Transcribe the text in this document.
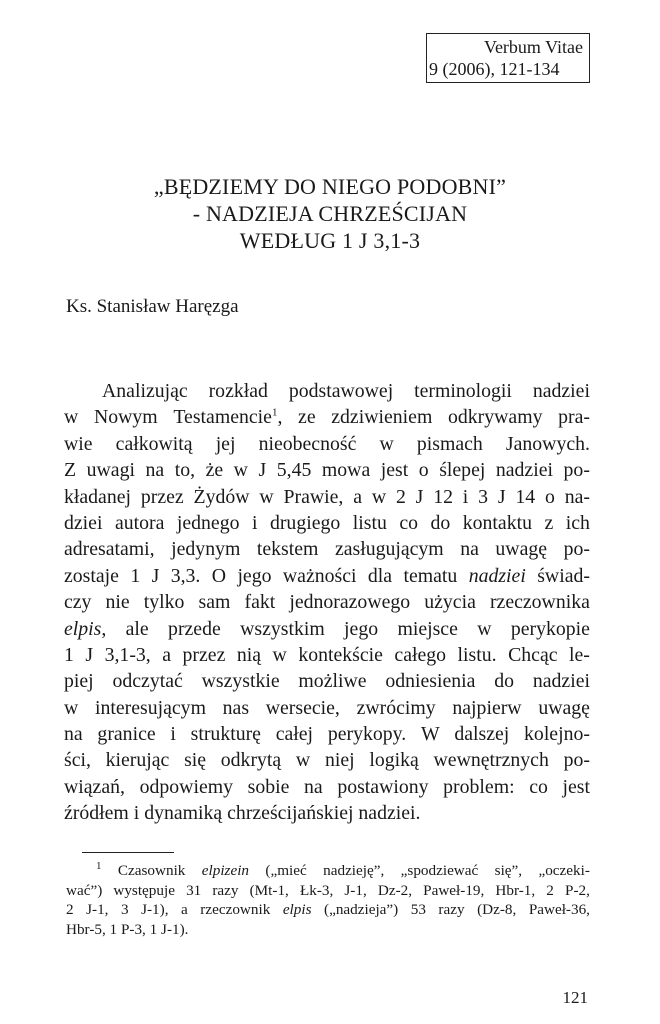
Verbum Vitae
9 (2006), 121-134
„BĘDZIEMY DO NIEGO PODOBNI”
- NADZIEJA CHRZEŚCIJAN
WEDŁUG 1 J 3,1-3
Ks. Stanisław Haręzga
Analizując rozkład podstawowej terminologii nadziei
w Nowym Testamencie$^1$, ze zdziwieniem odkrywamy pra-
wie całkowitą jej nieobecność w pismach Janowych.
Z uwagi na to, że w J 5,45 mowa jest o ślepej nadziei po-
kładanej przez Żydów w Prawie, a w 2 J 12 i 3 J 14 o na-
dziei autora jednego i drugiego listu co do kontaktu z ich
adresatami, jedynym tekstem zasługującym na uwagę po-
zostaje 1 J 3,3. O jego ważności dla tematu nadziei świad-
czy nie tylko sam fakt jednorazowego użycia rzeczownika
elpis, ale przede wszystkim jego miejsce w perykopie
1 J 3,1-3, a przez nią w kontekście całego listu. Chcąc le-
piej odczytać wszystkie możliwe odniesienia do nadziei
w interesującym nas wersecie, zwrócimy najpierw uwagę
na granice i strukturę całej perykopy. W dalszej kolejno-
ści, kierując się odkrytą w niej logiką wewnętrznych po-
wiązań, odpowiemy sobie na postawiony problem: co jest
źródłem i dynamiką chrześcijańskiej nadziei.
$^1$ Czasownik elpizein („mieć nadzieję”, „spodziewać się”, „oczeki-
wać”) występuje 31 razy (Mt-1, Łk-3, J-1, Dz-2, Paweł-19, Hbr-1, 2 P-2,
2 J-1, 3 J-1), a rzeczownik elpis („nadzieja”) 53 razy (Dz-8, Paweł-36,
Hbr-5, 1 P-3, 1 J-1).
121
